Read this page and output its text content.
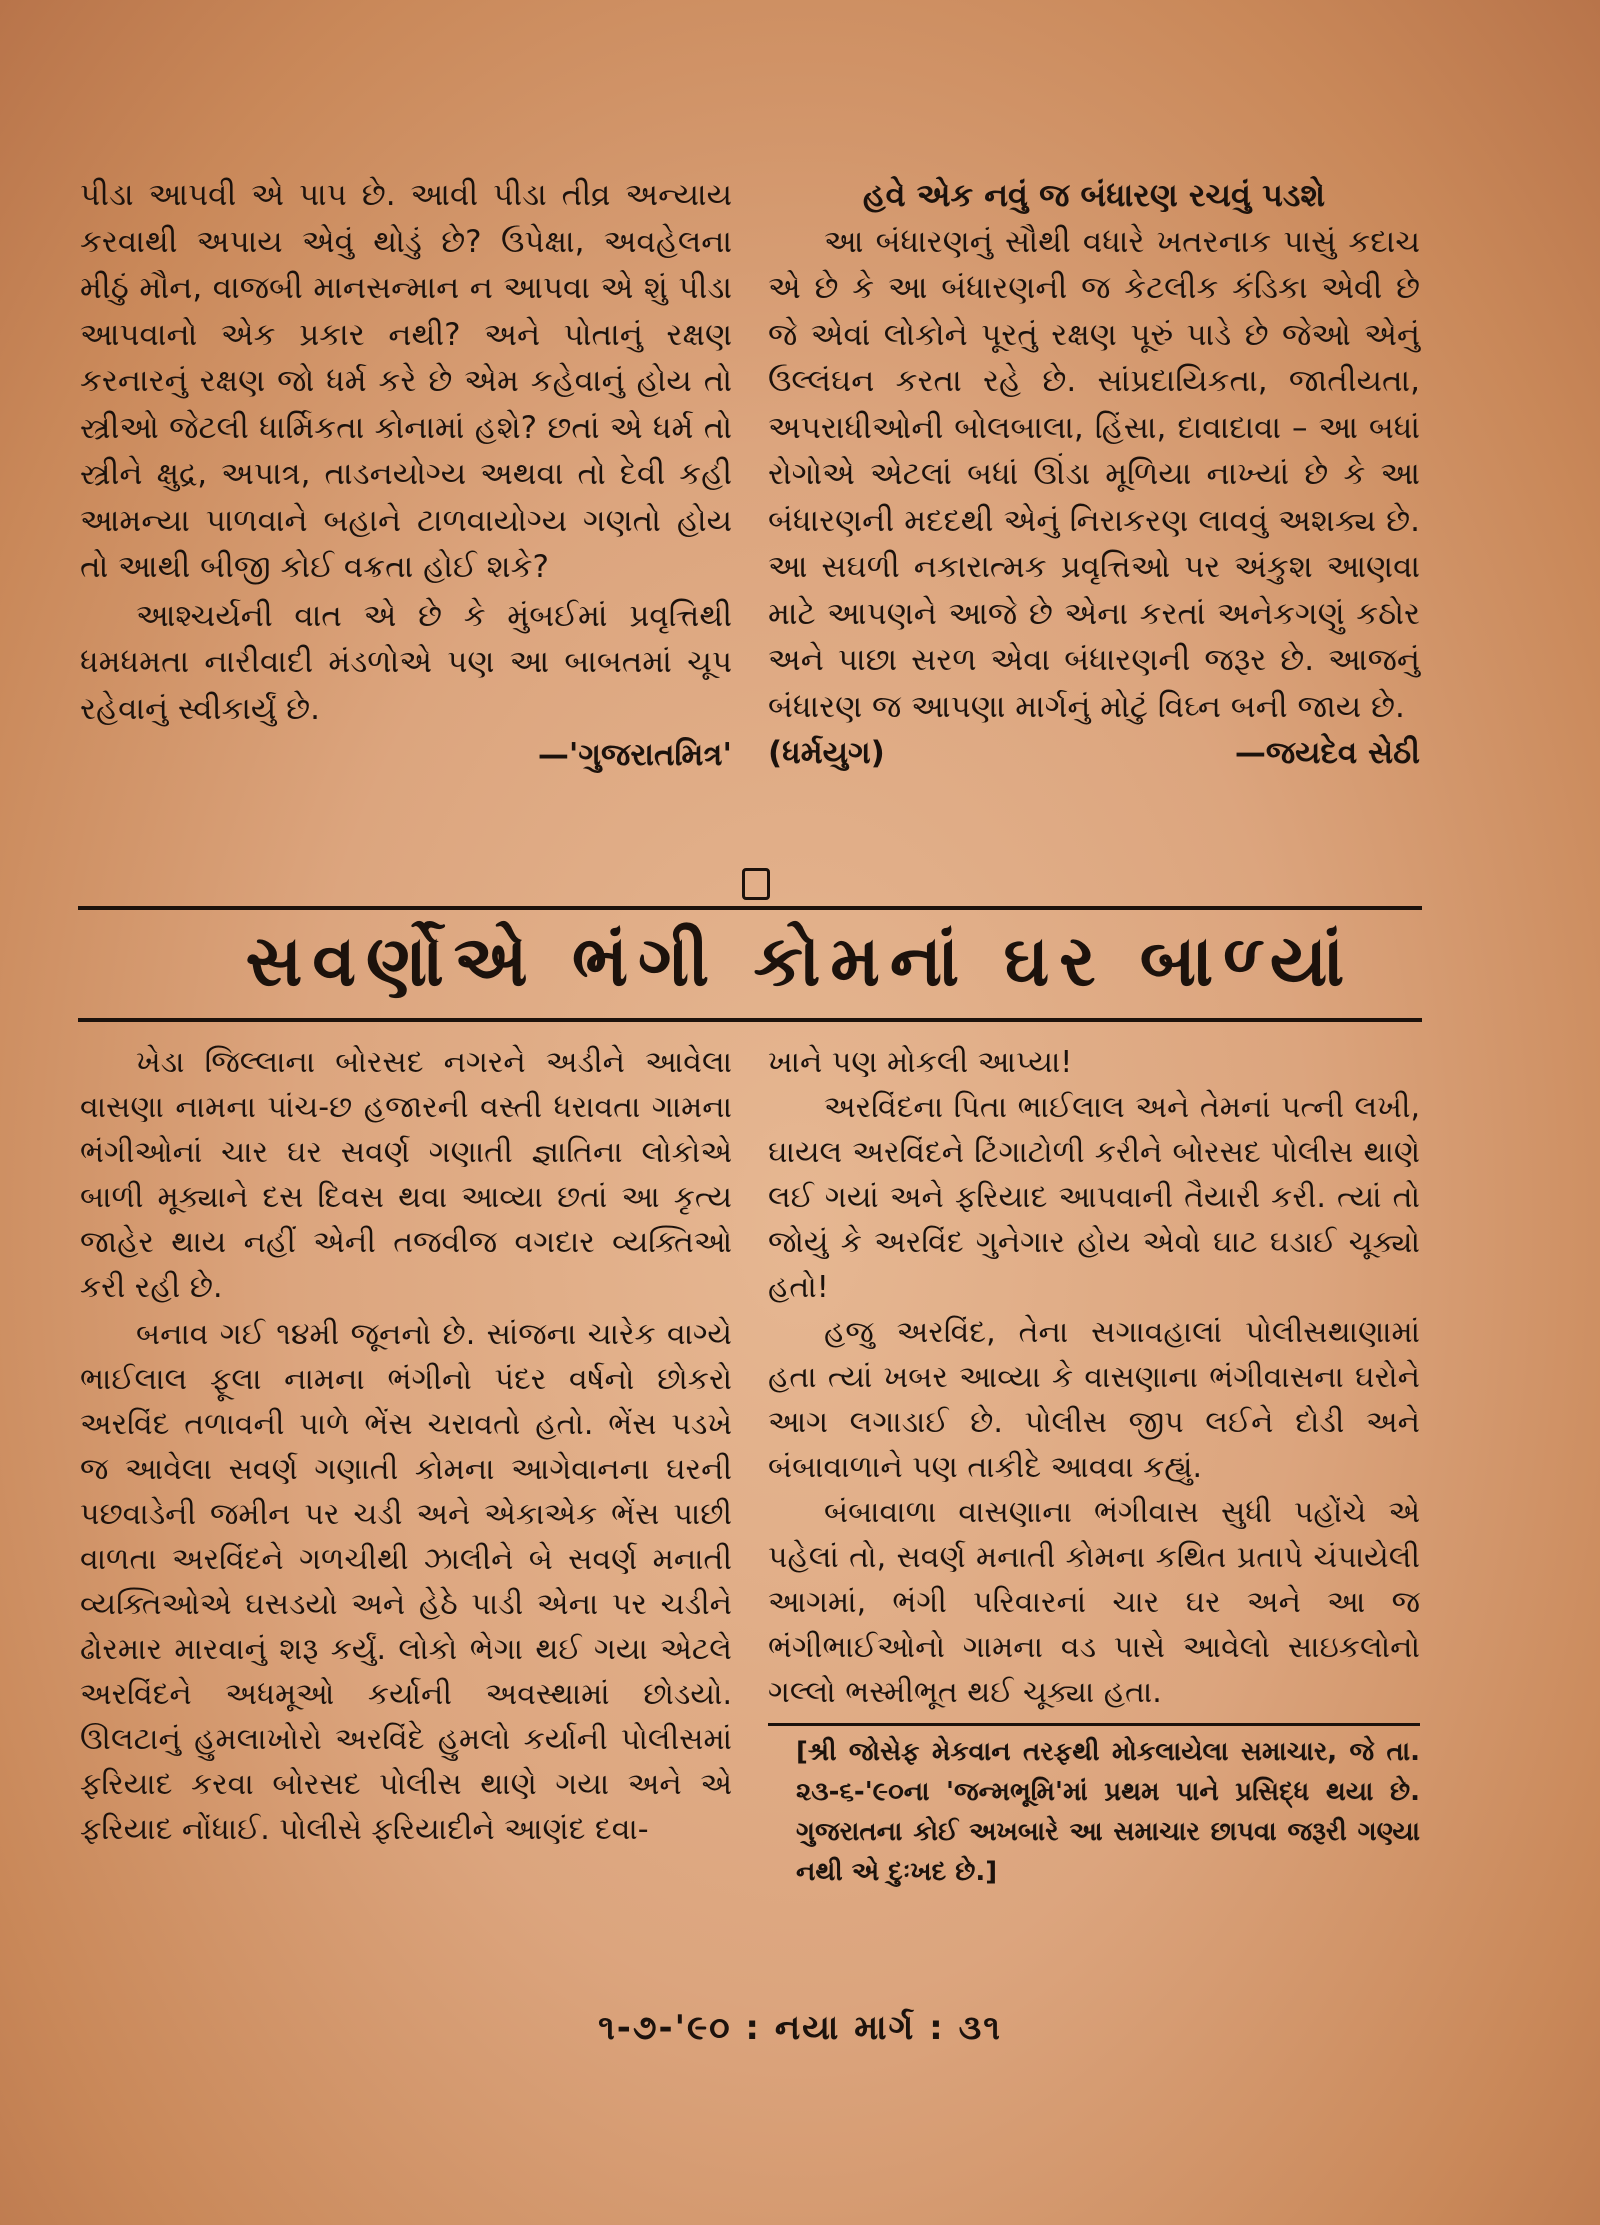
પીડા આપવી એ પાપ છે. આવી પીડા તીવ્ર અન્યાય કરવાથી અપાય એવું થોડું છે? ઉપેક્ષા, અવહેલના મીઠું મૌન, વાજબી માનસન્માન ન આપવા એ શું પીડા આપવાનો એક પ્રકાર નથી? અને પોતાનું રક્ષણ કરનારનું રક્ષણ જો ધર્મ કરે છે એમ કહેવાનું હોય તો સ્ત્રીઓ જેટલી ધાર્મિકતા કોનામાં હશે? છતાં એ ધર્મ તો સ્ત્રીને ક્ષુદ્ર, અપાત્ર, તાડનયોગ્ય અથવા તો દેવી કહી આમન્યા પાળવાને બહાને ટાળવાયોગ્ય ગણતો હોય તો આથી બીજી કોઈ વક્રતા હોઈ શકે?

આશ્ચર્યની વાત એ છે કે મુંબઈમાં પ્રવૃત્તિથી ધમધમતા નારીવાદી મંડળોએ પણ આ બાબતમાં ચૂપ રહેવાનું સ્વીકાર્યું છે.

—'ગુજરાતમિત્ર'

હવે એક નવું જ બંધારણ રચવું પડશે

આ બંધારણનું સૌથી વધારે ખતરનાક પાસું કદાચ એ છે કે આ બંધારણની જ કેટલીક કંડિકા એવી છે જે એવાં લોકોને પૂરતું રક્ષણ પૂરું પાડે છે જેઓ એનું ઉલ્લંઘન કરતા રહે છે. સાંપ્રદાયિકતા, જાતીયતા, અપરાધીઓની બોલબાલા, હિંસા, દાવાદાવા – આ બધાં રોગોએ એટલાં બધાં ઊંડા મૂળિયા નાખ્યાં છે કે આ બંધારણની મદદથી એનું નિરાકરણ લાવવું અશક્ય છે. આ સઘળી નકારાત્મક પ્રવૃત્તિઓ પર અંકુશ આણવા માટે આપણને આજે છે એના કરતાં અનેકગણું કઠોર અને પાછા સરળ એવા બંધારણની જરૂર છે. આજનું બંધારણ જ આપણા માર્ગનું મોટું વિઘ્ન બની જાય છે.

(ધર્મયુગ)	—જયદેવ સેઠી
સવર્ણોએ ભંગી કોમનાં ઘર બાળ્યાં

ખેડા જિલ્લાના બોરસદ નગરને અડીને આવેલા વાસણા નામના પાંચ-છ હજારની વસ્તી ધરાવતા ગામના ભંગીઓનાં ચાર ઘર સવર્ણ ગણાતી જ્ઞાતિના લોકોએ બાળી મૂક્યાને દસ દિવસ થવા આવ્યા છતાં આ કૃત્ય જાહેર થાય નહીં એની તજવીજ વગદાર વ્યક્તિઓ કરી રહી છે.

બનાવ ગઈ ૧૪મી જૂનનો છે. સાંજના ચારેક વાગ્યે ભાઈલાલ ફૂલા નામના ભંગીનો પંદર વર્ષનો છોકરો અરવિંદ તળાવની પાળે ભેંસ ચરાવતો હતો. ભેંસ પડખે જ આવેલા સવર્ણ ગણાતી કોમના આગેવાનના ઘરની પછવાડેની જમીન પર ચડી અને એકાએક ભેંસ પાછી વાળતા અરવિંદને ગળચીથી ઝાલીને બે સવર્ણ મનાતી વ્યક્તિઓએ ઘસડયો અને હેઠે પાડી એના પર ચડીને ઢોરમાર મારવાનું શરૂ કર્યું. લોકો ભેગા થઈ ગયા એટલે અરવિંદને અધમૂઓ કર્યાની અવસ્થામાં છોડયો. ઊલટાનું હુમલાખોરો અરવિંદે હુમલો કર્યાની પોલીસમાં ફરિયાદ કરવા બોરસદ પોલીસ થાણે ગયા અને એ ફરિયાદ નોંધાઈ. પોલીસે ફરિયાદીને આણંદ દવા-

ખાને પણ મોકલી આપ્યા!

અરવિંદના પિતા ભાઈલાલ અને તેમનાં પત્ની લખી, ઘાયલ અરવિંદને ટિંગાટોળી કરીને બોરસદ પોલીસ થાણે લઈ ગયાં અને ફરિયાદ આપવાની તૈયારી કરી. ત્યાં તો જોયું કે અરવિંદ ગુનેગાર હોય એવો ઘાટ ઘડાઈ ચૂક્યો હતો!

હજુ અરવિંદ, તેના સગાવહાલાં પોલીસથાણામાં હતા ત્યાં ખબર આવ્યા કે વાસણાના ભંગીવાસના ઘરોને આગ લગાડાઈ છે. પોલીસ જીપ લઈને દોડી અને બંબાવાળાને પણ તાકીદે આવવા કહ્યું.

બંબાવાળા વાસણાના ભંગીવાસ સુધી પહોંચે એ પહેલાં તો, સવર્ણ મનાતી કોમના કથિત પ્રતાપે ચંપાયેલી આગમાં, ભંગી પરિવારનાં ચાર ઘર અને આ જ ભંગીભાઈઓનો ગામના વડ પાસે આવેલો સાઇકલોનો ગલ્લો ભસ્મીભૂત થઈ ચૂક્યા હતા.

[શ્રી જોસેફ મેકવાન તરફથી મોકલાયેલા સમાચાર, જે તા. ૨૩-૬-'૯૦ના 'જન્મભૂમિ'માં પ્રથમ પાને પ્રસિદ્ધ થયા છે. ગુજરાતના કોઈ અખબારે આ સમાચાર છાપવા જરૂરી ગણ્યા નથી એ દુઃખદ છે.]

૧-૭-'૯૦ : નયા માર્ગ : ૩૧
